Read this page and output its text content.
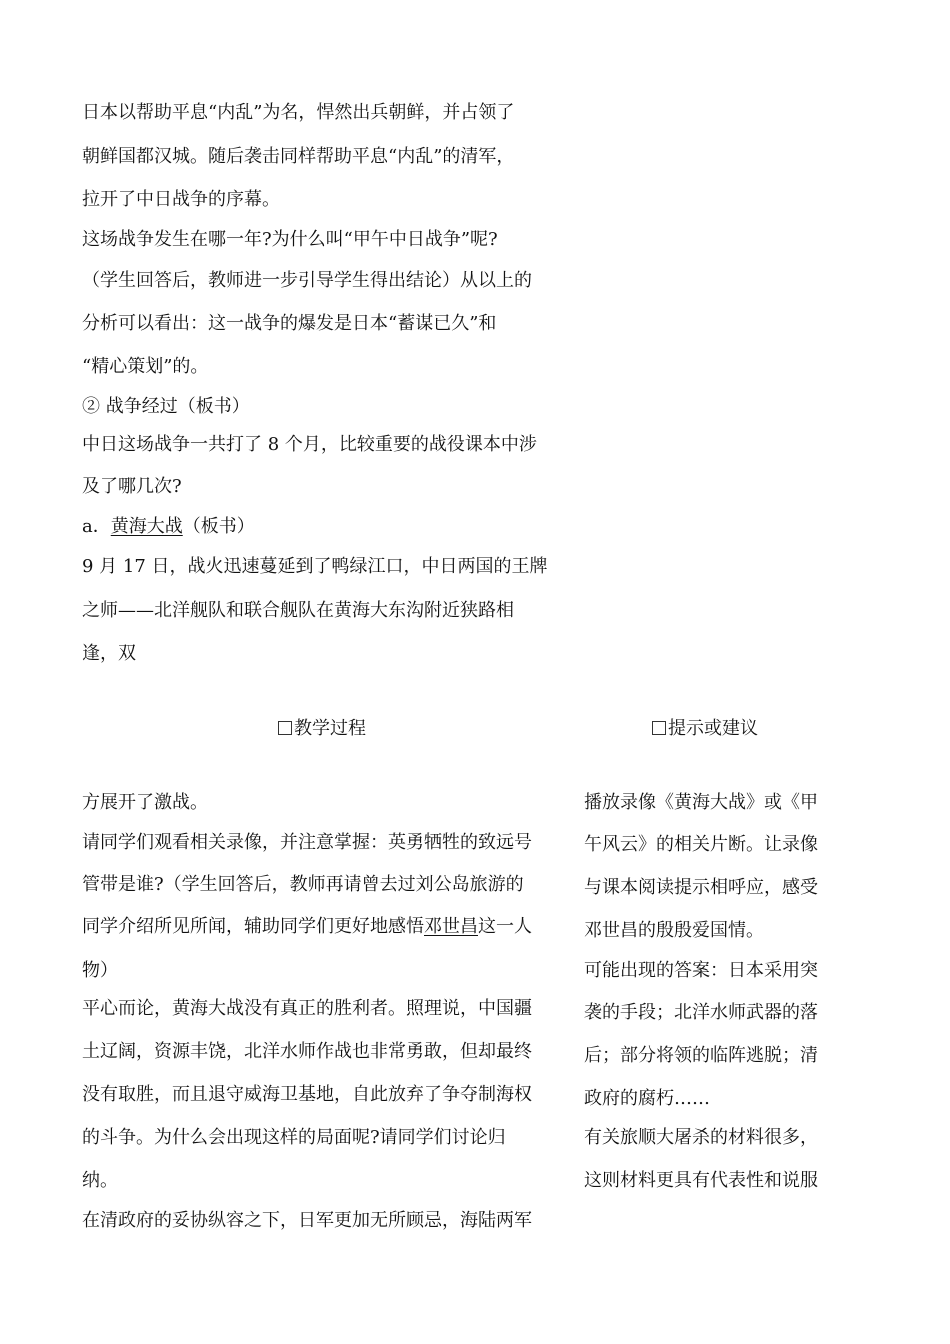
日本以帮助平息“内乱”为名，悍然出兵朝鲜，并占领了
朝鲜国都汉城。随后袭击同样帮助平息“内乱”的清军，
拉开了中日战争的序幕。
这场战争发生在哪一年?为什么叫“甲午中日战争”呢?
（学生回答后，教师进一步引导学生得出结论）从以上的
分析可以看出：这一战争的爆发是日本“蓄谋已久”和
“精心策划”的。
② 战争经过（板书）
中日这场战争一共打了 8 个月，比较重要的战役课本中涉
及了哪几次?
a．黄海大战（板书）
9 月 17 日，战火迅速蔓延到了鸭绿江口，中日两国的王牌
之师——北洋舰队和联合舰队在黄海大东沟附近狭路相
逢，双
教学过程	提示或建议
方展开了激战。
请同学们观看相关录像，并注意掌握：英勇牺牲的致远号
管带是谁?（学生回答后，教师再请曾去过刘公岛旅游的
同学介绍所见所闻，辅助同学们更好地感悟邓世昌这一人
物）
平心而论，黄海大战没有真正的胜利者。照理说，中国疆
土辽阔，资源丰饶，北洋水师作战也非常勇敢，但却最终
没有取胜，而且退守威海卫基地，自此放弃了争夺制海权
的斗争。为什么会出现这样的局面呢?请同学们讨论归
纳。
在清政府的妥协纵容之下，日军更加无所顾忌，海陆两军
播放录像《黄海大战》或《甲
午风云》的相关片断。让录像
与课本阅读提示相呼应，感受
邓世昌的殷殷爱国情。
可能出现的答案：日本采用突
袭的手段；北洋水师武器的落
后；部分将领的临阵逃脱；清
政府的腐朽……
有关旅顺大屠杀的材料很多，
这则材料更具有代表性和说服
